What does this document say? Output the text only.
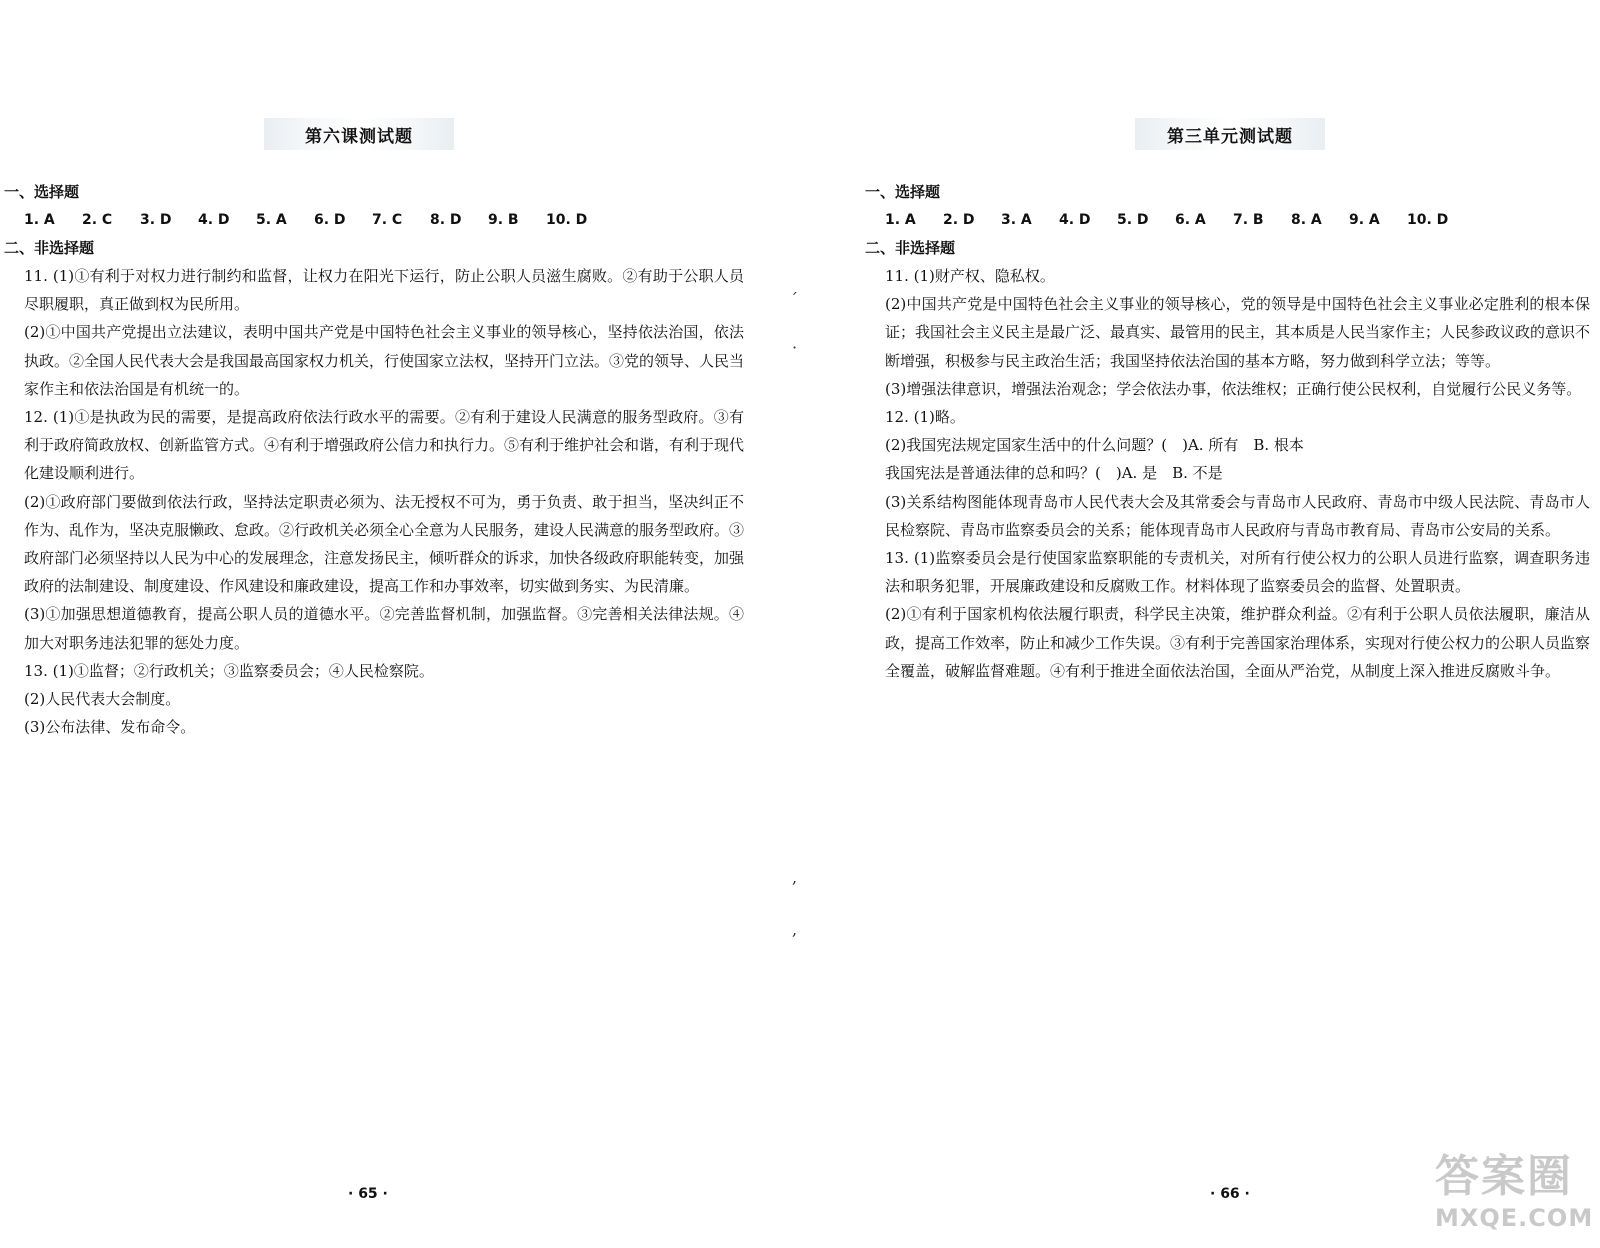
第六课测试题
一、选择题
1. A	2. C	3. D	4. D	5. A	6. D	7. C	8. D	9. B	10. D
二、非选择题
11. (1)①有利于对权力进行制约和监督，让权力在阳光下运行，防止公职人员滋生腐败。②有助于公职人员尽职履职，真正做到权为民所用。
(2)①中国共产党提出立法建议，表明中国共产党是中国特色社会主义事业的领导核心，坚持依法治国，依法执政。②全国人民代表大会是我国最高国家权力机关，行使国家立法权，坚持开门立法。③党的领导、人民当家作主和依法治国是有机统一的。
12. (1)①是执政为民的需要，是提高政府依法行政水平的需要。②有利于建设人民满意的服务型政府。③有利于政府简政放权、创新监管方式。④有利于增强政府公信力和执行力。⑤有利于维护社会和谐，有利于现代化建设顺利进行。
(2)①政府部门要做到依法行政，坚持法定职责必须为、法无授权不可为，勇于负责、敢于担当，坚决纠正不作为、乱作为，坚决克服懒政、怠政。②行政机关必须全心全意为人民服务，建设人民满意的服务型政府。③政府部门必须坚持以人民为中心的发展理念，注意发扬民主，倾听群众的诉求，加快各级政府职能转变，加强政府的法制建设、制度建设、作风建设和廉政建设，提高工作和办事效率，切实做到务实、为民清廉。
(3)①加强思想道德教育，提高公职人员的道德水平。②完善监督机制，加强监督。③完善相关法律法规。④加大对职务违法犯罪的惩处力度。
13. (1)①监督；②行政机关；③监察委员会；④人民检察院。
(2)人民代表大会制度。
(3)公布法律、发布命令。
· 65 ·
第三单元测试题
一、选择题
1. A	2. D	3. A	4. D	5. D	6. A	7. B	8. A	9. A	10. D
二、非选择题
11. (1)财产权、隐私权。
(2)中国共产党是中国特色社会主义事业的领导核心，党的领导是中国特色社会主义事业必定胜利的根本保证；我国社会主义民主是最广泛、最真实、最管用的民主，其本质是人民当家作主；人民参政议政的意识不断增强，积极参与民主政治生活；我国坚持依法治国的基本方略，努力做到科学立法；等等。
(3)增强法律意识，增强法治观念；学会依法办事，依法维权；正确行使公民权利，自觉履行公民义务等。
12. (1)略。
(2)我国宪法规定国家生活中的什么问题？(　)A. 所有　B. 根本
我国宪法是普通法律的总和吗？(　)A. 是　B. 不是
(3)关系结构图能体现青岛市人民代表大会及其常委会与青岛市人民政府、青岛市中级人民法院、青岛市人民检察院、青岛市监察委员会的关系；能体现青岛市人民政府与青岛市教育局、青岛市公安局的关系。
13. (1)监察委员会是行使国家监察职能的专责机关，对所有行使公权力的公职人员进行监察，调查职务违法和职务犯罪，开展廉政建设和反腐败工作。材料体现了监察委员会的监督、处置职责。
(2)①有利于国家机构依法履行职责，科学民主决策，维护群众利益。②有利于公职人员依法履职，廉洁从政，提高工作效率，防止和减少工作失误。③有利于完善国家治理体系，实现对行使公权力的公职人员监察全覆盖，破解监督难题。④有利于推进全面依法治国，全面从严治党，从制度上深入推进反腐败斗争。
· 66 ·
ˊ
·
,
,
答案圈
MXQE.COM
